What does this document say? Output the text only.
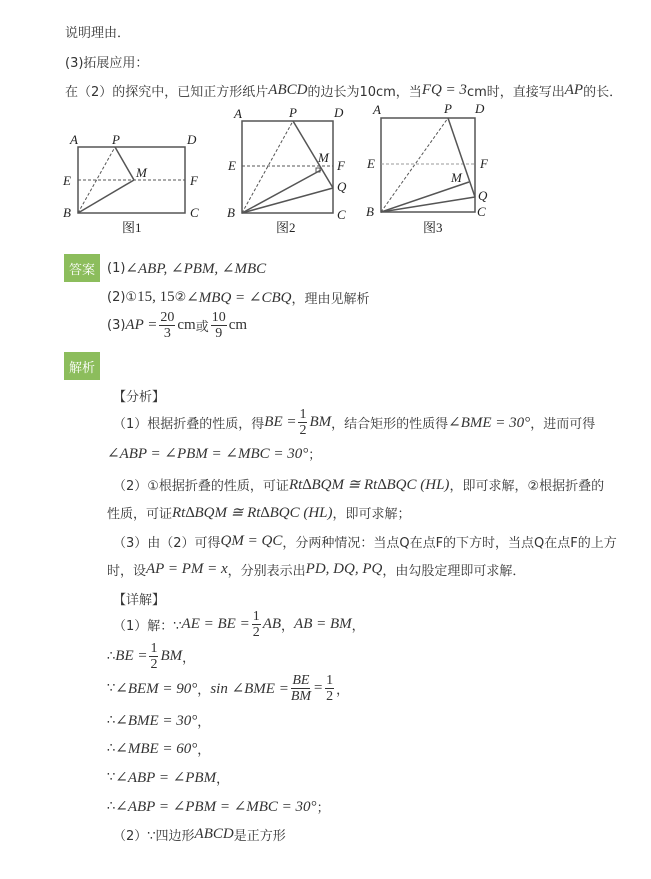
说明理由．
(3)拓展应用：
在（2）的探究中，已知正方形纸片 ABCD 的边长为10cm，当 FQ = 3 cm时，直接写出 AP 的长．
A	P	D
E
M
F
B	C
图1
A	P	D
E
M
F
Q
B	C
图2
A	P D
E
M
F
Q
B	C
图3
答案 (1) ∠ABP, ∠PBM, ∠MBC
(2)① 15, 15 ② ∠MBQ = ∠CBQ ，理由见解析
(3) AP = $\frac{20}{3}$ cm 或 $\frac{10}{9}$ cm
解析
【分析】
（1）根据折叠的性质，得 BE = $\frac{1}{2}$ BM ，结合矩形的性质得 ∠BME = 30° ，进而可得
∠ABP = ∠PBM = ∠MBC = 30° ；
（2）①根据折叠的性质，可证 Rt∆BQM ≅ Rt∆BQC (HL) ，即可求解，②根据折叠的
性质，可证 Rt∆BQM ≅ Rt∆BQC (HL) ，即可求解；
（3）由（2）可得 QM = QC ，分两种情况：当点Q在点F的下方时，当点Q在点F的上方
时，设 AP = PM = x ，分别表示出 PD, DQ, PQ ，由勾股定理即可求解．
【详解】
（1）解：∵ AE = BE = $\frac{1}{2}$ AB ， AB = BM ，
∴ BE = $\frac{1}{2}$ BM ，
∵ ∠BEM = 90° ， sin ∠BME = $\frac{BE}{BM} = \frac{1}{2}$ ，
∴ ∠BME = 30° ，
∴ ∠MBE = 60° ，
∵ ∠ABP = ∠PBM ，
∴ ∠ABP = ∠PBM = ∠MBC = 30° ；
（2）∵四边形 ABCD 是正方形
